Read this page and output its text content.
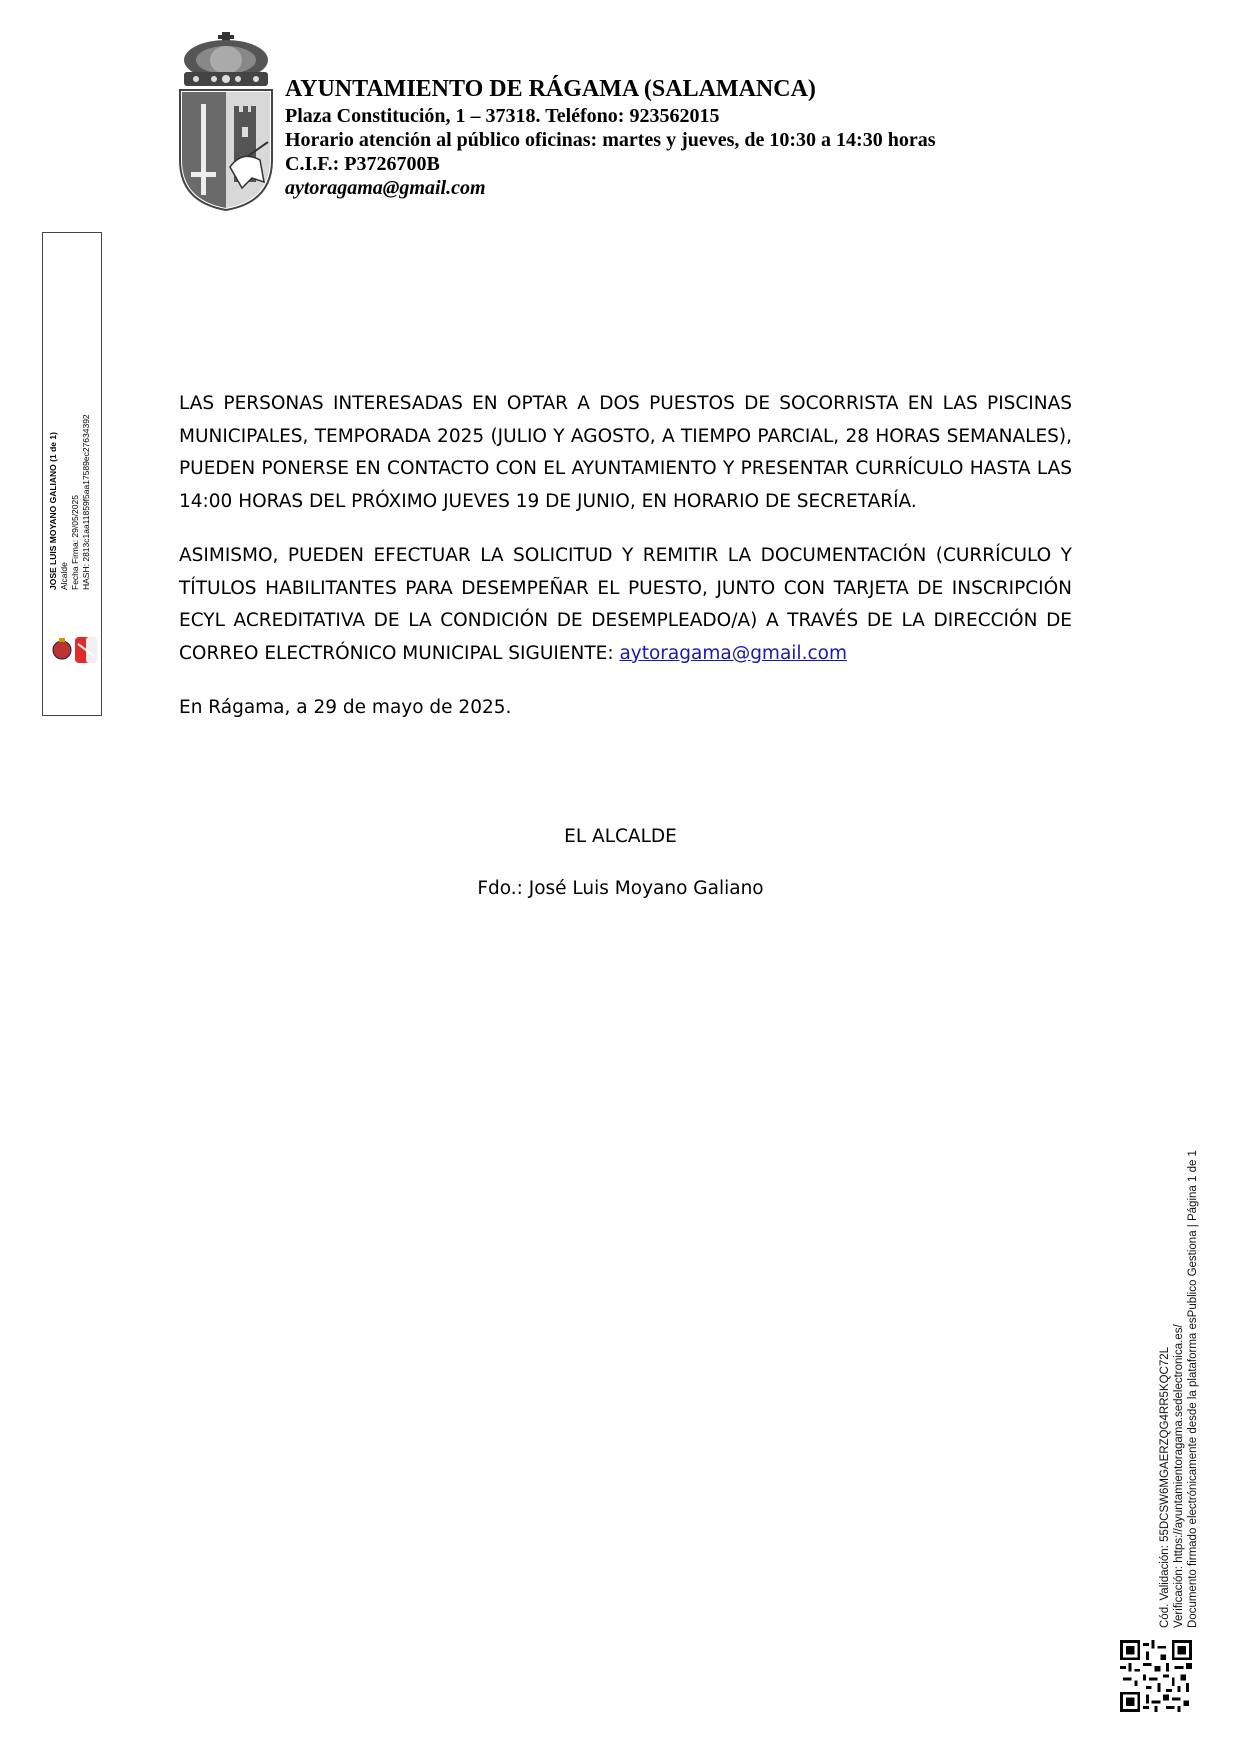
AYUNTAMIENTO DE RÁGAMA (SALAMANCA)
Plaza Constitución, 1 – 37318. Teléfono: 923562015
Horario atención al público oficinas: martes y jueves, de 10:30 a 14:30 horas
C.I.F.: P3726700B
aytoragama@gmail.com
JOSE LUIS MOYANO GALIANO (1 de 1) Alcalde Fecha Firma: 29/05/2025 HASH: 2813c1aa11859f5aa17589ec27634392

LAS PERSONAS INTERESADAS EN OPTAR A DOS PUESTOS DE SOCORRISTA EN LAS PISCINAS MUNICIPALES, TEMPORADA 2025 (JULIO Y AGOSTO, A TIEMPO PARCIAL, 28 HORAS SEMANALES), PUEDEN PONERSE EN CONTACTO CON EL AYUNTAMIENTO Y PRESENTAR CURRÍCULO HASTA LAS 14:00 HORAS DEL PRÓXIMO JUEVES 19 DE JUNIO, EN HORARIO DE SECRETARÍA.

ASIMISMO, PUEDEN EFECTUAR LA SOLICITUD Y REMITIR LA DOCUMENTACIÓN (CURRÍCULO Y TÍTULOS HABILITANTES PARA DESEMPEÑAR EL PUESTO, JUNTO CON TARJETA DE INSCRIPCIÓN ECYL ACREDITATIVA DE LA CONDICIÓN DE DESEMPLEADO/A) A TRAVÉS DE LA DIRECCIÓN DE CORREO ELECTRÓNICO MUNICIPAL SIGUIENTE: aytoragama@gmail.com

En Rágama, a 29 de mayo de 2025.

EL ALCALDE
Fdo.: José Luis Moyano Galiano
Cód. Validación: 55DCSW6MGAERZQG4RR5KQC72L Verificación: https://ayuntamientoragama.sedelectronica.es/ Documento firmado electrónicamente desde la plataforma esPublico Gestiona | Página 1 de 1
